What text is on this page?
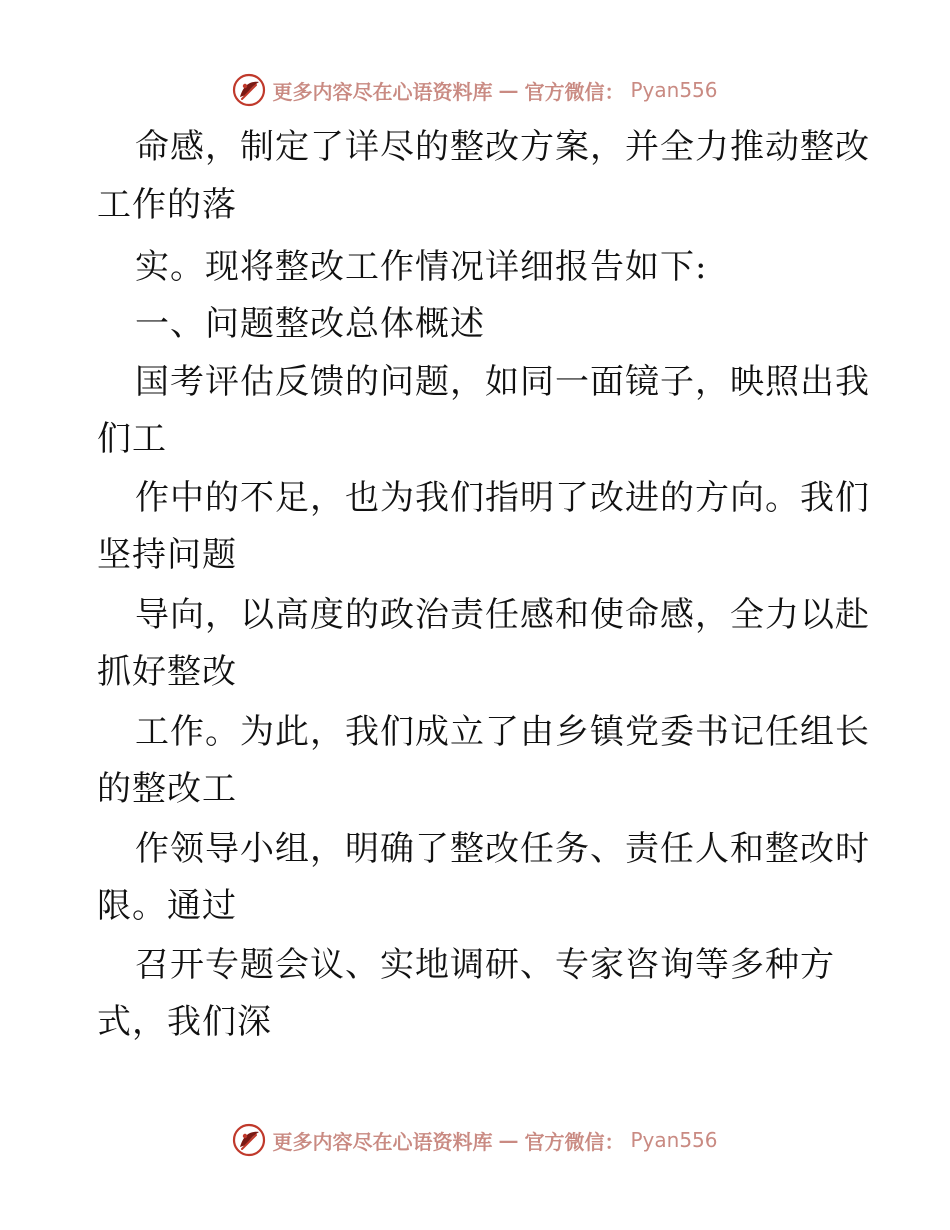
更多内容尽在心语资料库 — 官方微信： Pyan556
命感，制定了详尽的整改方案，并全力推动整改
工作的落
实。现将整改工作情况详细报告如下:
一、问题整改总体概述
国考评估反馈的问题，如同一面镜子，映照出我
们工
作中的不足，也为我们指明了改进的方向。我们
坚持问题
导向，以高度的政治责任感和使命感，全力以赴
抓好整改
工作。为此，我们成立了由乡镇党委书记任组长
的整改工
作领导小组，明确了整改任务、责任人和整改时
限。通过
召开专题会议、实地调研、专家咨询等多种方
式，我们深
更多内容尽在心语资料库 — 官方微信： Pyan556
